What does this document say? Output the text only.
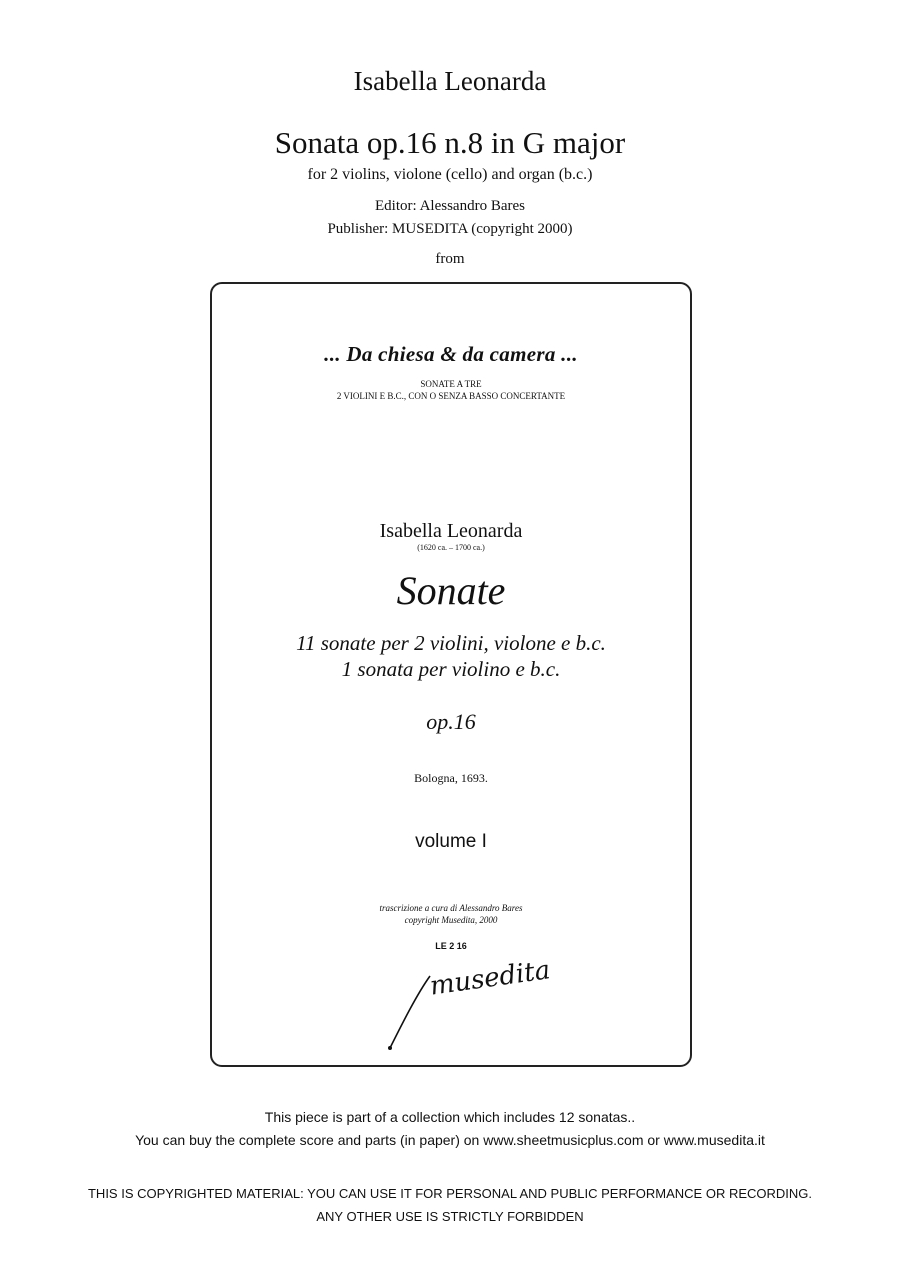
Isabella Leonarda
Sonata op.16 n.8 in G major
for 2 violins, violone (cello) and organ (b.c.)
Editor: Alessandro Bares
Publisher: MUSEDITA (copyright 2000)
from
... Da chiesa & da camera ...
SONATE A TRE
2 VIOLINI E B.C., CON O SENZA BASSO CONCERTANTE
Isabella Leonarda
(1620 ca. – 1700 ca.)
Sonate
11 sonate per 2 violini, violone e b.c.
1 sonata per violino e b.c.
op.16
Bologna, 1693.
volume I
trascrizione a cura di Alessandro Bares
copyright Musedita, 2000
LE 2 16
musedita
This piece is part of a collection which includes 12 sonatas..
You can buy the complete score and parts (in paper) on www.sheetmusicplus.com or www.musedita.it
THIS IS COPYRIGHTED MATERIAL: YOU CAN USE IT FOR PERSONAL AND PUBLIC PERFORMANCE OR RECORDING.
ANY OTHER USE IS STRICTLY FORBIDDEN
